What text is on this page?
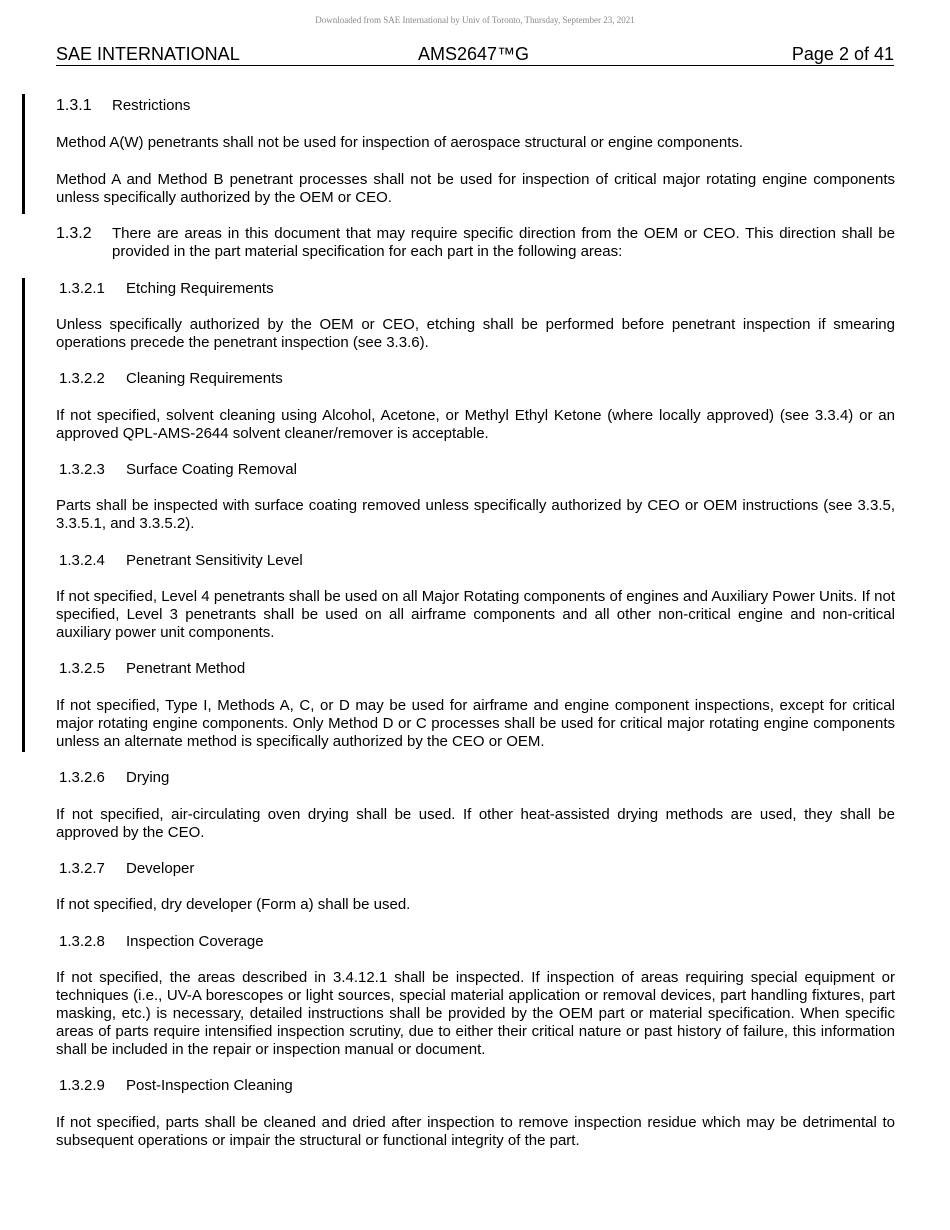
Downloaded from SAE International by Univ of Toronto, Thursday, September 23, 2021
SAE INTERNATIONAL	AMS2647™G	Page 2 of 41
1.3.1 Restrictions

Method A(W) penetrants shall not be used for inspection of aerospace structural or engine components.

Method A and Method B penetrant processes shall not be used for inspection of critical major rotating engine components unless specifically authorized by the OEM or CEO.

1.3.2 There are areas in this document that may require specific direction from the OEM or CEO. This direction shall be provided in the part material specification for each part in the following areas:

1.3.2.1 Etching Requirements

Unless specifically authorized by the OEM or CEO, etching shall be performed before penetrant inspection if smearing operations precede the penetrant inspection (see 3.3.6).

1.3.2.2 Cleaning Requirements

If not specified, solvent cleaning using Alcohol, Acetone, or Methyl Ethyl Ketone (where locally approved) (see 3.3.4) or an approved QPL-AMS-2644 solvent cleaner/remover is acceptable.

1.3.2.3 Surface Coating Removal

Parts shall be inspected with surface coating removed unless specifically authorized by CEO or OEM instructions (see 3.3.5, 3.3.5.1, and 3.3.5.2).

1.3.2.4 Penetrant Sensitivity Level

If not specified, Level 4 penetrants shall be used on all Major Rotating components of engines and Auxiliary Power Units. If not specified, Level 3 penetrants shall be used on all airframe components and all other non-critical engine and non-critical auxiliary power unit components.

1.3.2.5 Penetrant Method

If not specified, Type I, Methods A, C, or D may be used for airframe and engine component inspections, except for critical major rotating engine components. Only Method D or C processes shall be used for critical major rotating engine components unless an alternate method is specifically authorized by the CEO or OEM.

1.3.2.6 Drying

If not specified, air-circulating oven drying shall be used. If other heat-assisted drying methods are used, they shall be approved by the CEO.

1.3.2.7 Developer

If not specified, dry developer (Form a) shall be used.

1.3.2.8 Inspection Coverage

If not specified, the areas described in 3.4.12.1 shall be inspected. If inspection of areas requiring special equipment or techniques (i.e., UV-A borescopes or light sources, special material application or removal devices, part handling fixtures, part masking, etc.) is necessary, detailed instructions shall be provided by the OEM part or material specification. When specific areas of parts require intensified inspection scrutiny, due to either their critical nature or past history of failure, this information shall be included in the repair or inspection manual or document.

1.3.2.9 Post-Inspection Cleaning

If not specified, parts shall be cleaned and dried after inspection to remove inspection residue which may be detrimental to subsequent operations or impair the structural or functional integrity of the part.
